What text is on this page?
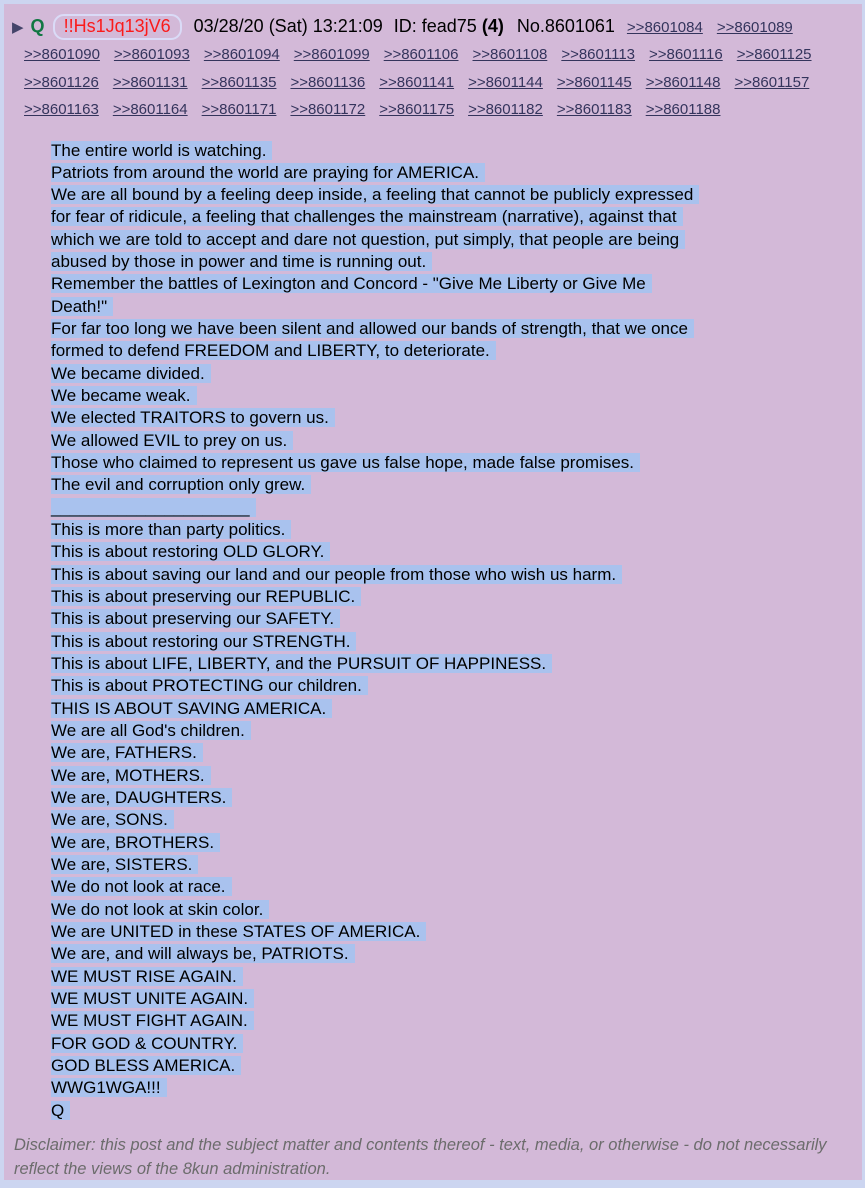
▶ Q !!Hs1Jq13jV6 03/28/20 (Sat) 13:21:09 ID: fead75 (4) No.8601061 >>8601084 >>8601089
>>8601090 >>8601093 >>8601094 >>8601099 >>8601106 >>8601108 >>8601113 >>8601116 >>8601125
>>8601126 >>8601131 >>8601135 >>8601136 >>8601141 >>8601144 >>8601145 >>8601148 >>8601157
>>8601163 >>8601164 >>8601171 >>8601172 >>8601175 >>8601182 >>8601183 >>8601188
The entire world is watching.
Patriots from around the world are praying for AMERICA.
We are all bound by a feeling deep inside, a feeling that cannot be publicly expressed
for fear of ridicule, a feeling that challenges the mainstream (narrative), against that
which we are told to accept and dare not question, put simply, that people are being
abused by those in power and time is running out.
Remember the battles of Lexington and Concord - "Give Me Liberty or Give Me
Death!"
For far too long we have been silent and allowed our bands of strength, that we once
formed to defend FREEDOM and LIBERTY, to deteriorate.
We became divided.
We became weak.
We elected TRAITORS to govern us.
We allowed EVIL to prey on us.
Those who claimed to represent us gave us false hope, made false promises.
The evil and corruption only grew.
_____________________
This is more than party politics.
This is about restoring OLD GLORY.
This is about saving our land and our people from those who wish us harm.
This is about preserving our REPUBLIC.
This is about preserving our SAFETY.
This is about restoring our STRENGTH.
This is about LIFE, LIBERTY, and the PURSUIT OF HAPPINESS.
This is about PROTECTING our children.
THIS IS ABOUT SAVING AMERICA.
We are all God's children.
We are, FATHERS.
We are, MOTHERS.
We are, DAUGHTERS.
We are, SONS.
We are, BROTHERS.
We are, SISTERS.
We do not look at race.
We do not look at skin color.
We are UNITED in these STATES OF AMERICA.
We are, and will always be, PATRIOTS.
WE MUST RISE AGAIN.
WE MUST UNITE AGAIN.
WE MUST FIGHT AGAIN.
FOR GOD & COUNTRY.
GOD BLESS AMERICA.
WWG1WGA!!!
Q
Disclaimer: this post and the subject matter and contents thereof - text, media, or otherwise - do not necessarily reflect the views of the 8kun administration.
